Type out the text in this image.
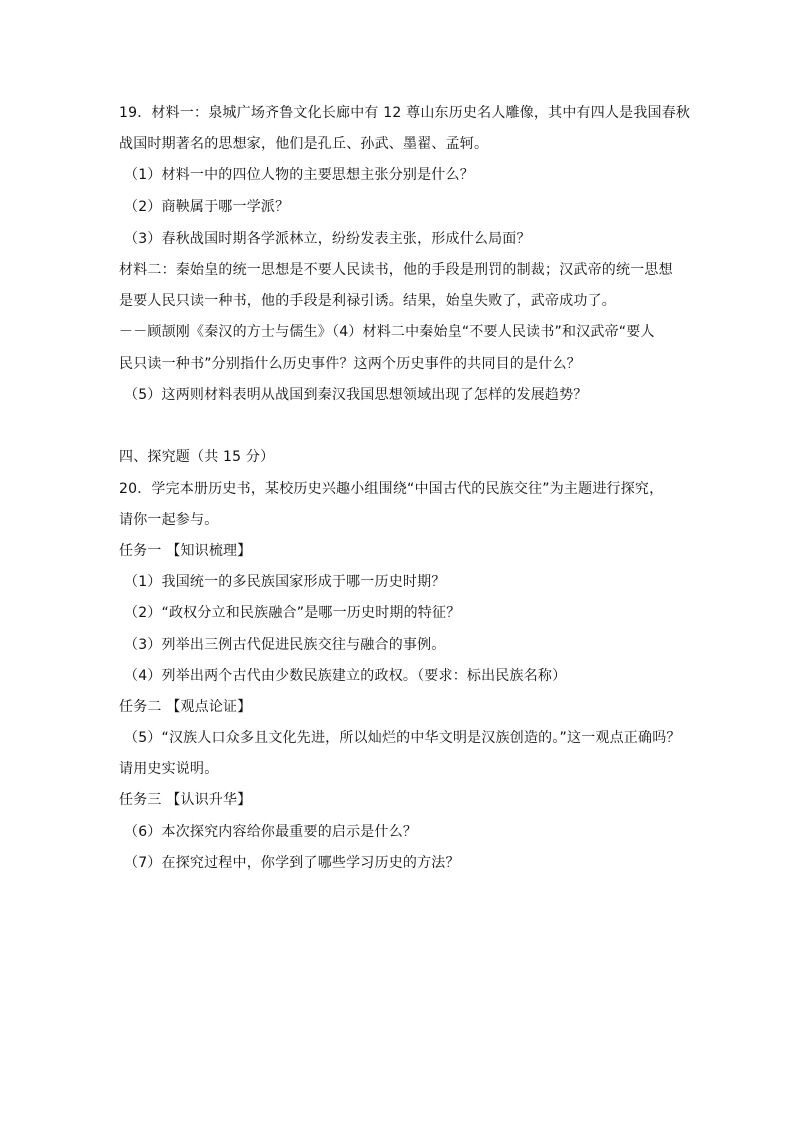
19．材料一：泉城广场齐鲁文化长廊中有 12 尊山东历史名人雕像，其中有四人是我国春秋
战国时期著名的思想家，他们是孔丘、孙武、墨翟、孟轲。
（1）材料一中的四位人物的主要思想主张分别是什么？
（2）商鞅属于哪一学派？
（3）春秋战国时期各学派林立，纷纷发表主张，形成什么局面？
材料二：秦始皇的统一思想是不要人民读书，他的手段是刑罚的制裁；汉武帝的统一思想
是要人民只读一种书，他的手段是利禄引诱。结果，始皇失败了，武帝成功了。
－－顾颉刚《秦汉的方士与儒生》（4）材料二中秦始皇“不要人民读书”和汉武帝“要人
民只读一种书”分别指什么历史事件？这两个历史事件的共同目的是什么？
（5）这两则材料表明从战国到秦汉我国思想领域出现了怎样的发展趋势？
四、探究题（共 15 分）
20．学完本册历史书，某校历史兴趣小组围绕“中国古代的民族交往”为主题进行探究，
请你一起参与。
任务一 【知识梳理】
（1）我国统一的多民族国家形成于哪一历史时期？
（2）“政权分立和民族融合”是哪一历史时期的特征？
（3）列举出三例古代促进民族交往与融合的事例。
（4）列举出两个古代由少数民族建立的政权。（要求：标出民族名称）
任务二 【观点论证】
（5）“汉族人口众多且文化先进，所以灿烂的中华文明是汉族创造的。”这一观点正确吗？
请用史实说明。
任务三 【认识升华】
（6）本次探究内容给你最重要的启示是什么？
（7）在探究过程中，你学到了哪些学习历史的方法？
